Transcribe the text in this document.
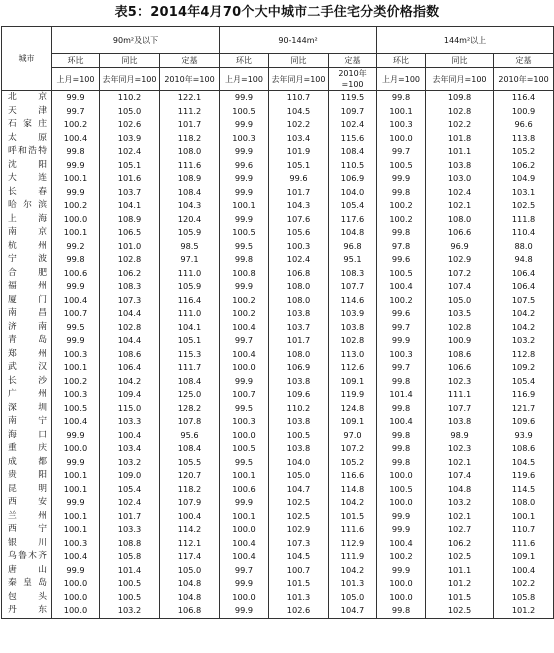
表5：2014年4月70个大中城市二手住宅分类价格指数
城市	90m²及以下			90-144m²			144m²以上		
	环比	同比	定基	环比	同比	定基	环比	同比	定基
	上月=100	去年同月=100	2010年=100	上月=100	去年同月=100	2010年=100	上月=100	去年同月=100	2010年=100
北 京	99.9	110.2	122.1	99.9	110.7	119.5	99.8	109.8	116.4
天 津	99.7	105.0	111.2	100.5	104.5	109.7	100.1	102.8	100.9
石家庄	100.2	102.6	101.7	99.9	102.2	102.4	100.3	102.2	96.6
太 原	100.4	103.9	118.2	100.3	103.4	115.6	100.0	101.8	113.8
呼和浩特	99.8	102.4	108.0	99.9	101.9	108.4	99.7	101.1	105.2
沈 阳	99.9	105.1	111.6	99.6	105.1	110.5	100.5	103.8	106.2
大 连	100.1	101.6	108.9	99.9	99.6	106.9	99.9	103.0	104.9
长 春	99.9	103.7	108.4	99.9	101.7	104.0	99.8	102.4	103.1
哈尔滨	100.2	104.1	104.3	100.1	104.3	105.4	100.2	102.1	102.5
上 海	100.0	108.9	120.4	99.9	107.6	117.6	100.2	108.0	111.8
南 京	100.1	106.5	105.9	100.5	105.6	104.8	99.8	106.6	110.4
杭 州	99.2	101.0	98.5	99.5	100.3	96.8	97.8	96.9	88.0
宁 波	99.8	102.8	97.1	99.8	102.4	95.1	99.6	102.9	94.8
合 肥	100.6	106.2	111.0	100.8	106.8	108.3	100.5	107.2	106.4
福 州	99.9	108.3	105.9	99.9	108.0	107.7	100.4	107.4	106.4
厦 门	100.4	107.3	116.4	100.2	108.0	114.6	100.2	105.0	107.5
南 昌	100.7	104.4	111.0	100.2	103.8	103.9	99.6	103.5	104.2
济 南	99.5	102.8	104.1	100.4	103.7	103.8	99.7	102.8	104.2
青 岛	99.9	104.4	105.1	99.7	101.7	102.8	99.9	100.9	103.2
郑 州	100.3	108.6	115.3	100.4	108.0	113.0	100.3	108.6	112.8
武 汉	100.1	106.4	111.7	100.0	106.9	112.6	99.7	106.6	109.2
长 沙	100.2	104.2	108.4	99.9	103.8	109.1	99.8	102.3	105.4
广 州	100.3	109.4	125.0	100.7	109.6	119.9	101.4	111.1	116.9
深 圳	100.5	115.0	128.2	99.5	110.2	124.8	99.8	107.7	121.7
南 宁	100.4	103.3	107.8	100.3	103.8	109.1	100.4	103.8	109.6
海 口	99.9	100.4	95.6	100.0	100.5	97.0	99.8	98.9	93.9
重 庆	100.0	103.4	108.4	100.5	103.8	107.2	99.8	102.3	108.6
成 都	99.9	103.2	105.5	99.5	104.0	105.2	99.8	102.1	104.5
贵 阳	100.1	109.0	120.7	100.1	105.0	116.6	100.0	107.4	119.6
昆 明	100.1	105.4	118.2	100.6	104.7	114.8	100.5	104.8	114.5
西 安	99.9	102.4	107.9	99.9	102.5	104.2	100.0	103.2	108.0
兰 州	100.1	101.7	100.4	100.1	102.5	101.5	99.9	102.1	100.1
西 宁	100.1	103.3	114.2	100.0	102.9	111.6	99.9	102.7	110.7
银 川	100.3	108.8	112.1	100.4	107.3	112.9	100.4	106.2	111.6
乌鲁木齐	100.4	105.8	117.4	100.4	104.5	111.9	100.2	102.5	109.1
唐 山	99.9	101.4	105.0	99.7	100.7	104.2	99.9	101.1	100.4
秦皇岛	100.0	100.5	104.8	99.9	101.5	101.3	100.0	101.2	102.2
包 头	100.0	100.5	104.8	100.0	101.3	105.0	100.0	101.5	105.8
丹 东	100.0	103.2	106.8	99.9	102.6	104.7	99.8	102.5	101.2
